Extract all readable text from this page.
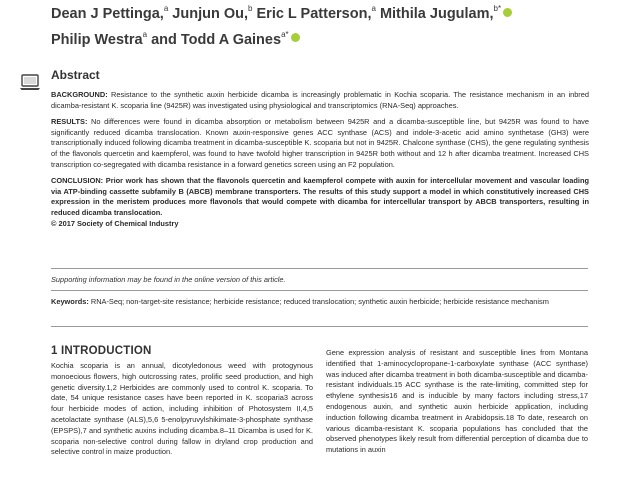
Dean J Pettinga,$^a$ Junjun Ou,$^b$ Eric L Patterson,$^a$ Mithila Jugulam,$^{b*}$
Philip Westra$^a$ and Todd A Gaines$^{a*}$
Abstract

BACKGROUND: Resistance to the synthetic auxin herbicide dicamba is increasingly problematic in Kochia scoparia. The resistance mechanism in an inbred dicamba-resistant K. scoparia line (9425R) was investigated using physiological and transcriptomics (RNA-Seq) approaches.

RESULTS: No differences were found in dicamba absorption or metabolism between 9425R and a dicamba-susceptible line, but 9425R was found to have significantly reduced dicamba translocation. Known auxin-responsive genes ACC synthase (ACS) and indole-3-acetic acid amino synthetase (GH3) were transcriptionally induced following dicamba treatment in dicamba-susceptible K. scoparia but not in 9425R. Chalcone synthase (CHS), the gene regulating synthesis of the flavonols quercetin and kaempferol, was found to have twofold higher transcription in 9425R both without and 12 h after dicamba treatment. Increased CHS transcription co-segregated with dicamba resistance in a forward genetics screen using an F2 population.

CONCLUSION: Prior work has shown that the flavonols quercetin and kaempferol compete with auxin for intercellular movement and vascular loading via ATP-binding cassette subfamily B (ABCB) membrane transporters. The results of this study support a model in which constitutively increased CHS expression in the meristem produces more flavonols that would compete with dicamba for intercellular transport by ABCB transporters, resulting in reduced dicamba translocation.
© 2017 Society of Chemical Industry

Supporting information may be found in the online version of this article.

Keywords: RNA-Seq; non-target-site resistance; herbicide resistance; reduced translocation; synthetic auxin herbicide; herbicide resistance mechanism

1 INTRODUCTION

Kochia scoparia is an annual, dicotyledonous weed with protogynous monoecious flowers, high outcrossing rates, prolific seed production, and high genetic diversity.1,2 Herbicides are commonly used to control K. scoparia. To date, 54 unique resistance cases have been reported in K. scoparia3 across four herbicide modes of action, including inhibition of Photosystem II,4,5 acetolactate synthase (ALS),5,6 5-enolpyruvylshikimate-3-phosphate synthase (EPSPS),7 and synthetic auxins including dicamba.8–11 Dicamba is used for K. scoparia non-selective control during fallow in dryland crop production and selective control in maize production.

Gene expression analysis of resistant and susceptible lines from Montana identified that 1-aminocyclopropane-1-carboxylate synthase (ACC synthase) was induced after dicamba treatment in both dicamba-susceptible and dicamba-resistant individuals.15 ACC synthase is the rate-limiting, committed step for ethylene synthesis16 and is inducible by many factors including stress,17 endogenous auxin, and synthetic auxin herbicide application, including induction following dicamba treatment in Arabidopsis.18 To date, research on various dicamba-resistant K. scoparia populations has concluded that the observed phenotypes likely result from differential perception of dicamba due to mutations in auxin
